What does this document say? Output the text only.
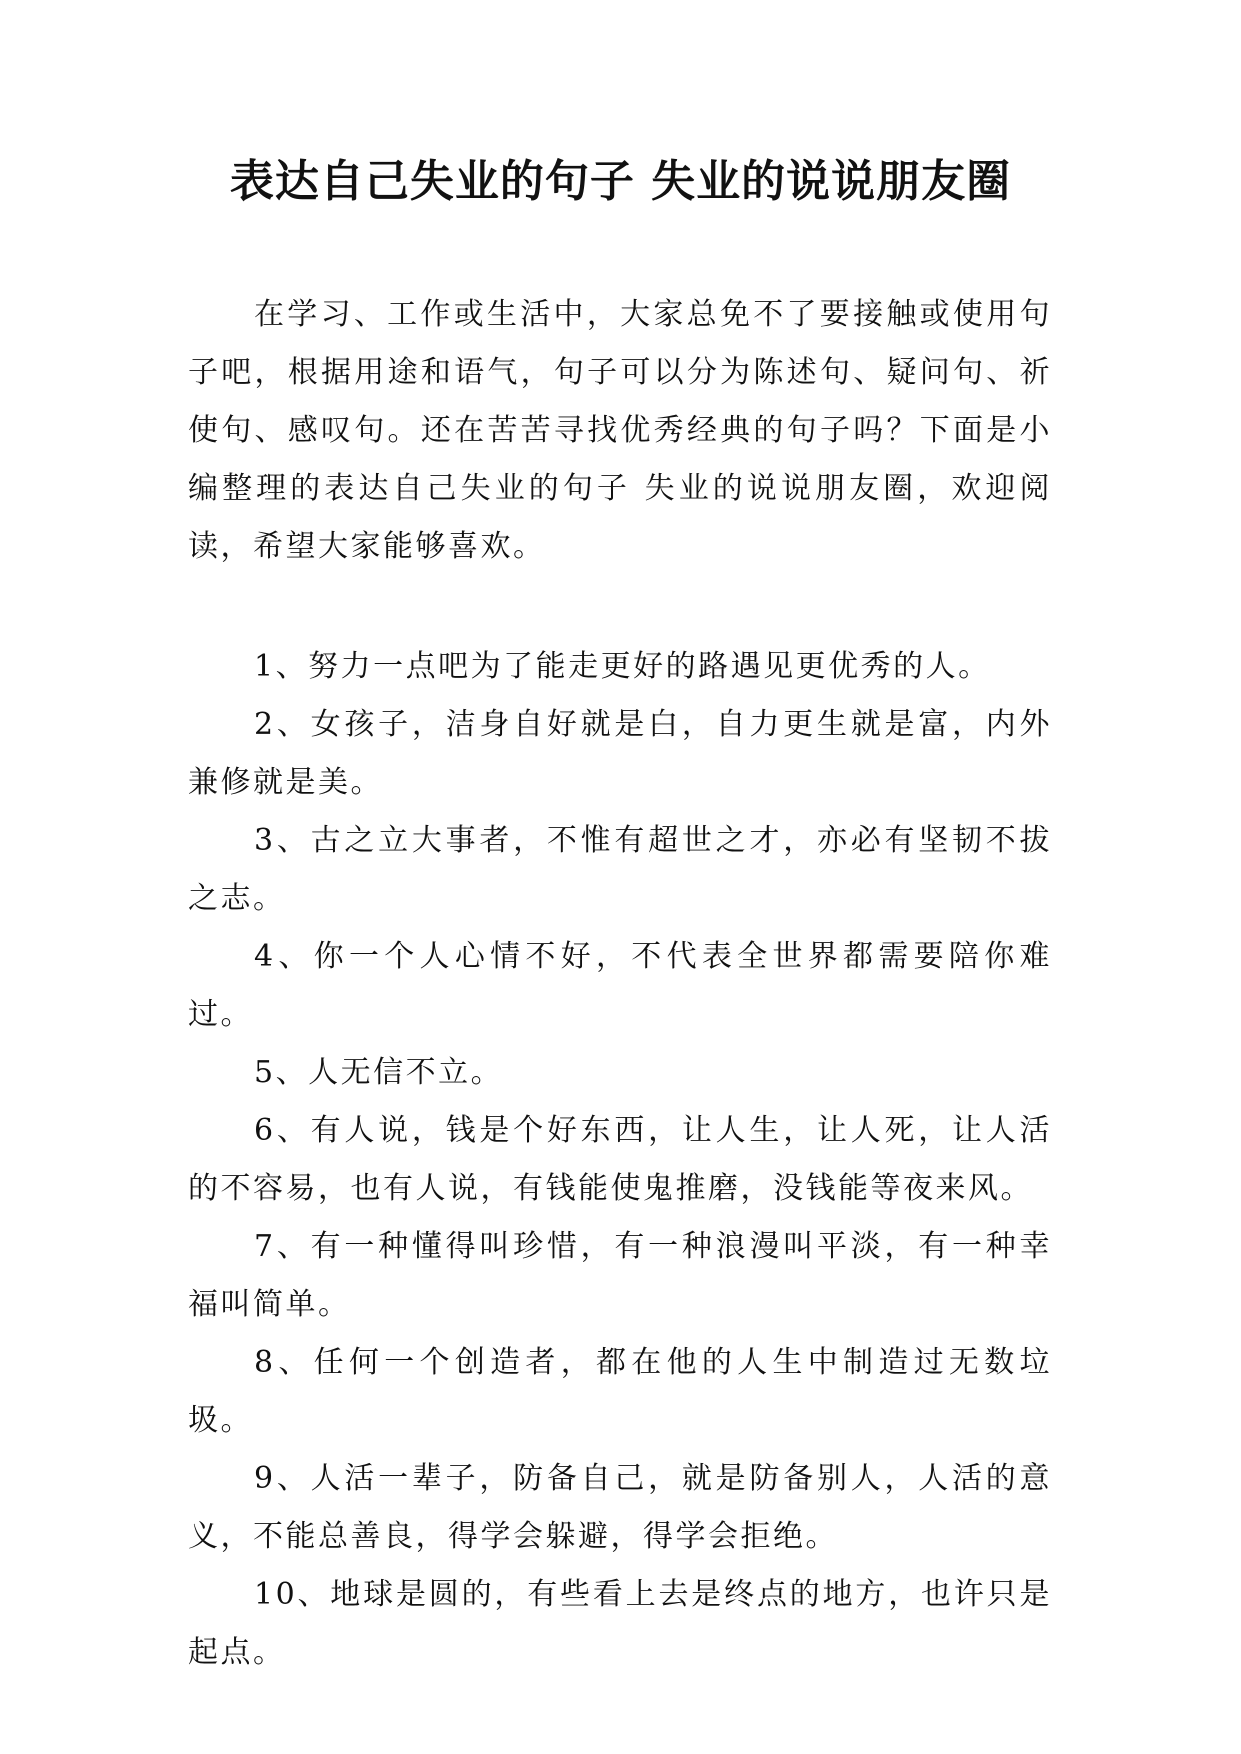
表达自己失业的句子 失业的说说朋友圈

在学习、工作或生活中，大家总免不了要接触或使用句子吧，根据用途和语气，句子可以分为陈述句、疑问句、祈使句、感叹句。还在苦苦寻找优秀经典的句子吗？下面是小编整理的表达自己失业的句子 失业的说说朋友圈，欢迎阅读，希望大家能够喜欢。

1、努力一点吧为了能走更好的路遇见更优秀的人。

2、女孩子，洁身自好就是白，自力更生就是富，内外兼修就是美。

3、古之立大事者，不惟有超世之才，亦必有坚韧不拔之志。

4、你一个人心情不好，不代表全世界都需要陪你难过。

5、人无信不立。

6、有人说，钱是个好东西，让人生，让人死，让人活的不容易，也有人说，有钱能使鬼推磨，没钱能等夜来风。

7、有一种懂得叫珍惜，有一种浪漫叫平淡，有一种幸福叫简单。

8、任何一个创造者，都在他的人生中制造过无数垃圾。

9、人活一辈子，防备自己，就是防备别人，人活的意义，不能总善良，得学会躲避，得学会拒绝。

10、地球是圆的，有些看上去是终点的地方，也许只是起点。
